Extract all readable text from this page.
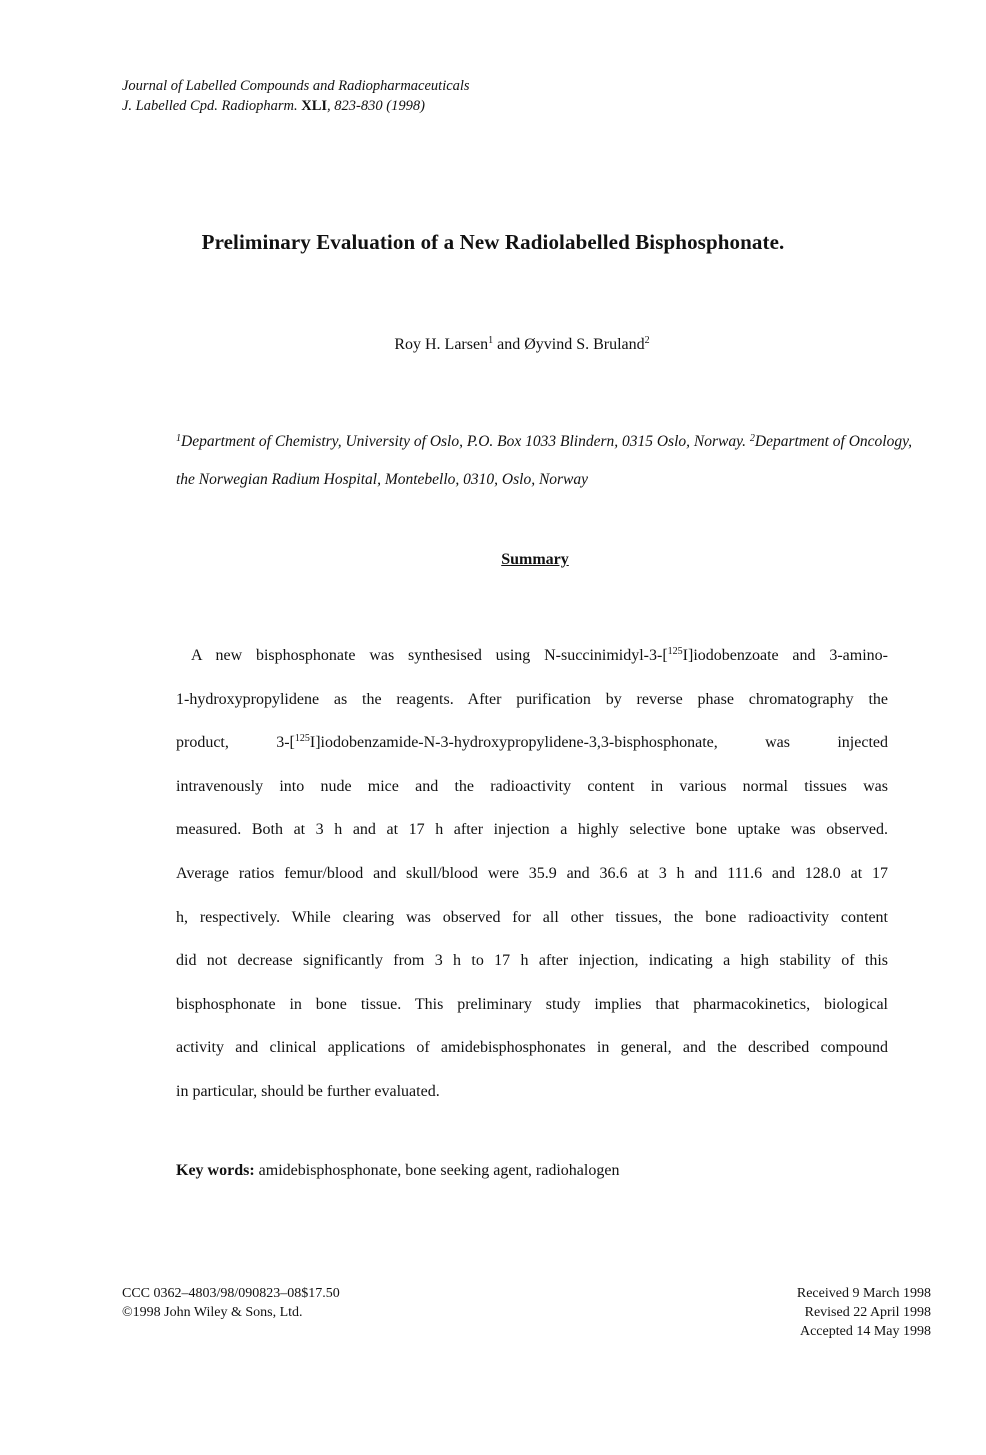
Journal of Labelled Compounds and Radiopharmaceuticals
J. Labelled Cpd. Radiopharm. XLI, 823-830 (1998)
Preliminary Evaluation of a New Radiolabelled Bisphosphonate.
Roy H. Larsen$^1$ and Øyvind S. Bruland$^2$
$^1$Department of Chemistry, University of Oslo, P.O. Box 1033 Blindern, 0315 Oslo, Norway. $^2$Department of Oncology, the Norwegian Radium Hospital, Montebello, 0310, Oslo, Norway
Summary
A new bisphosphonate was synthesised using N-succinimidyl-3-[$^{125}$I]iodobenzoate and 3-amino-
1-hydroxypropylidene as the reagents. After purification by reverse phase chromatography the
product, 3-[$^{125}$I]iodobenzamide-N-3-hydroxypropylidene-3,3-bisphosphonate, was injected
intravenously into nude mice and the radioactivity content in various normal tissues was
measured. Both at 3 h and at 17 h after injection a highly selective bone uptake was observed.
Average ratios femur/blood and skull/blood were 35.9 and 36.6 at 3 h and 111.6 and 128.0 at 17
h, respectively. While clearing was observed for all other tissues, the bone radioactivity content
did not decrease significantly from 3 h to 17 h after injection, indicating a high stability of this
bisphosphonate in bone tissue. This preliminary study implies that pharmacokinetics, biological
activity and clinical applications of amidebisphosphonates in general, and the described compound
in particular, should be further evaluated.
Key words: amidebisphosphonate, bone seeking agent, radiohalogen
CCC 0362–4803/98/090823–08$17.50
©1998 John Wiley & Sons, Ltd.
Received 9 March 1998
Revised 22 April 1998
Accepted 14 May 1998
